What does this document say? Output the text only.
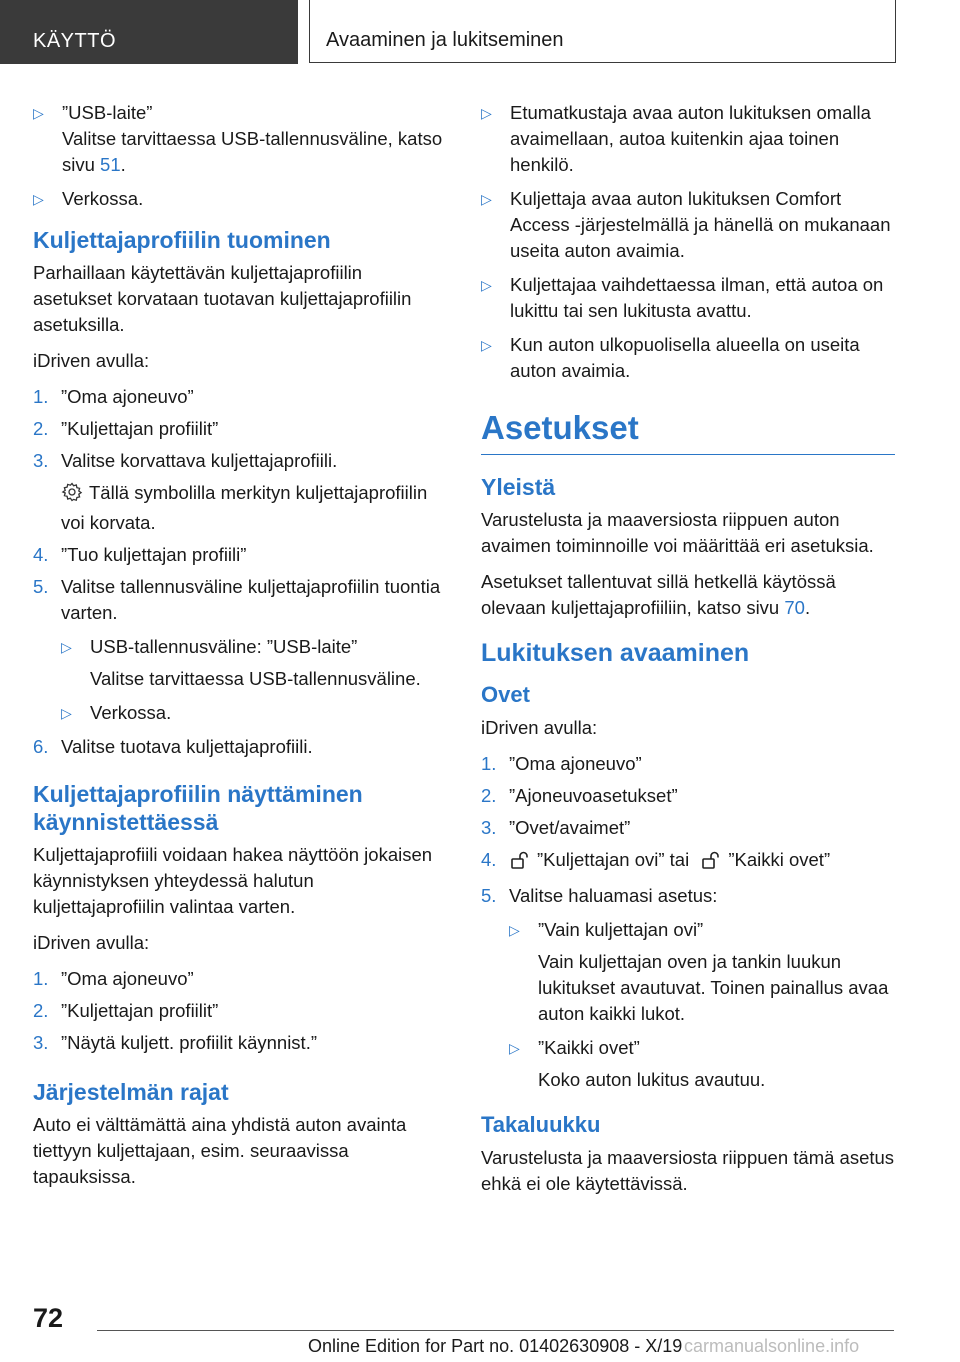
KÄYTTÖ	Avaaminen ja lukitseminen
▷ ”USB-laite”
Valitse tarvittaessa USB-tallennusväline, katso sivu 51.
▷ Verkossa.
Kuljettajaprofiilin tuominen

Parhaillaan käytettävän kuljettajaprofiilin asetukset korvataan tuotavan kuljettajaprofiilin asetuksilla.

iDriven avulla:

1. ”Oma ajoneuvo”
2. ”Kuljettajan profiilit”
3. Valitse korvattava kuljettajaprofiili.
Tällä symbolilla merkityn kuljettajaprofiilin voi korvata.
4. ”Tuo kuljettajan profiili”
5. Valitse tallennusväline kuljettajaprofiilin tuontia varten.
▷ USB-tallennusväline: ”USB-laite”
Valitse tarvittaessa USB-tallennusväline.
▷ Verkossa.
6. Valitse tuotava kuljettajaprofiili.
Kuljettajaprofiilin näyttäminen käynnistettäessä

Kuljettajaprofiili voidaan hakea näyttöön jokaisen käynnistyksen yhteydessä halutun kuljettajaprofiilin valintaa varten.

iDriven avulla:

1. ”Oma ajoneuvo”
2. ”Kuljettajan profiilit”
3. ”Näytä kuljett. profiilit käynnist.”
Järjestelmän rajat

Auto ei välttämättä aina yhdistä auton avainta tiettyyn kuljettajaan, esim. seuraavissa tapauksissa.

▷ Etumatkustaja avaa auton lukituksen omalla avaimellaan, autoa kuitenkin ajaa toinen henkilö.
▷ Kuljettaja avaa auton lukituksen Comfort Access -järjestelmällä ja hänellä on mukanaan useita auton avaimia.
▷ Kuljettajaa vaihdettaessa ilman, että autoa on lukittu tai sen lukitusta avattu.
▷ Kun auton ulkopuolisella alueella on useita auton avaimia.
Asetukset
Yleistä

Varustelusta ja maaversiosta riippuen auton avaimen toiminnoille voi määrittää eri asetuksia.

Asetukset tallentuvat sillä hetkellä käytössä olevaan kuljettajaprofiiliin, katso sivu 70.

Lukituksen avaaminen
Ovet

iDriven avulla:

1. ”Oma ajoneuvo”
2. ”Ajoneuvoasetukset”
3. ”Ovet/avaimet”
4. ”Kuljettajan ovi” tai ”Kaikki ovet”
5. Valitse haluamasi asetus:
▷ ”Vain kuljettajan ovi”
Vain kuljettajan oven ja tankin luukun lukitukset avautuvat. Toinen painallus avaa auton kaikki lukot.
▷ ”Kaikki ovet”
Koko auton lukitus avautuu.
Takaluukku

Varustelusta ja maaversiosta riippuen tämä asetus ehkä ei ole käytettävissä.

72
Online Edition for Part no. 01402630908 - X/19 carmanualsonline.info
